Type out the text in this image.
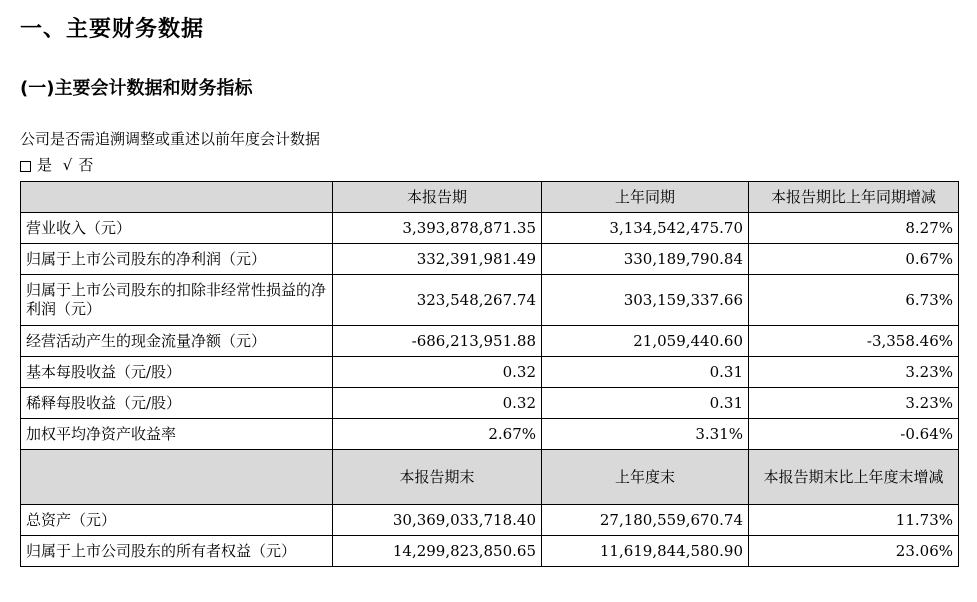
一、主要财务数据
(一)主要会计数据和财务指标
公司是否需追溯调整或重述以前年度会计数据
是 √ 否
	本报告期	上年同期	本报告期比上年同期增减
营业收入（元）	3,393,878,871.35	3,134,542,475.70	8.27%
归属于上市公司股东的净利润（元）	332,391,981.49	330,189,790.84	0.67%
归属于上市公司股东的扣除非经常性损益的净利润（元）	323,548,267.74	303,159,337.66	6.73%
经营活动产生的现金流量净额（元）	-686,213,951.88	21,059,440.60	-3,358.46%
基本每股收益（元/股）	0.32	0.31	3.23%
稀释每股收益（元/股）	0.32	0.31	3.23%
加权平均净资产收益率	2.67%	3.31%	-0.64%
	本报告期末	上年度末	本报告期末比上年度末增减
总资产（元）	30,369,033,718.40	27,180,559,670.74	11.73%
归属于上市公司股东的所有者权益（元）	14,299,823,850.65	11,619,844,580.90	23.06%
